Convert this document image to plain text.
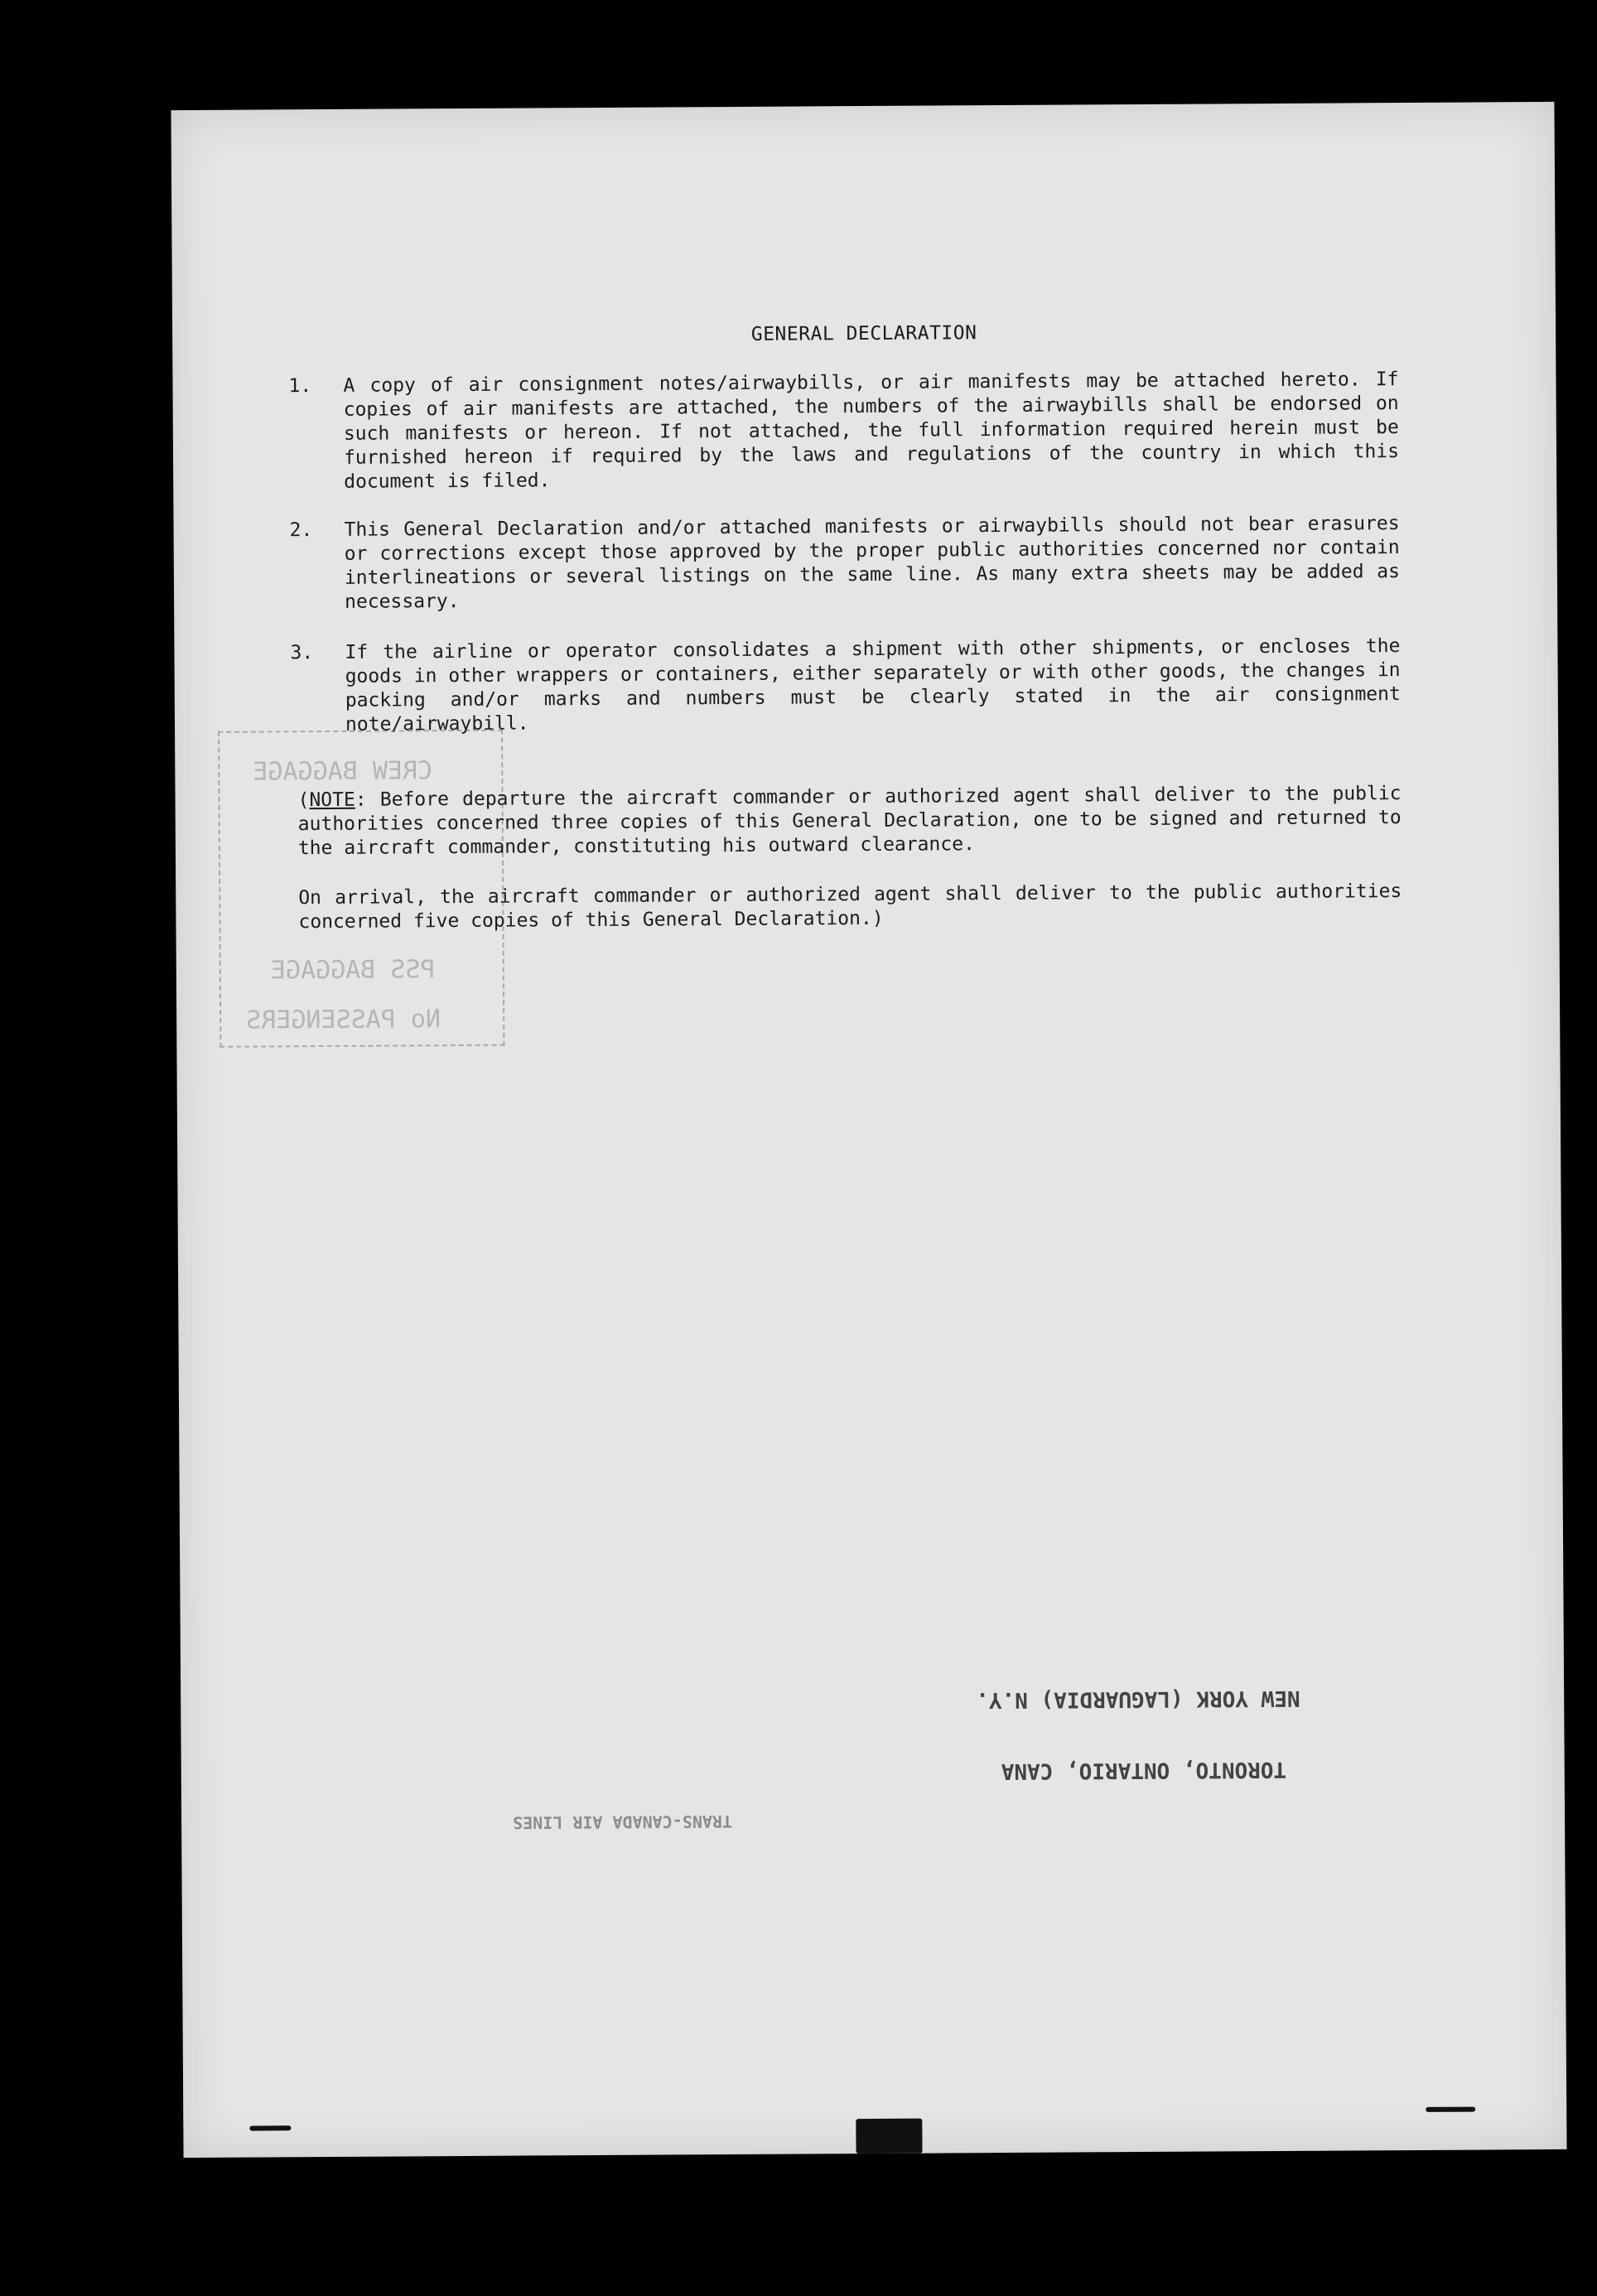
GENERAL DECLARATION
1. A copy of air consignment notes/airwaybills, or air manifests may be attached hereto. If copies of air manifests are attached, the numbers of the airwaybills shall be endorsed on such manifests or hereon. If not attached, the full information required herein must be furnished hereon if required by the laws and regulations of the country in which this document is filed.
2. This General Declaration and/or attached manifests or airwaybills should not bear erasures or corrections except those approved by the proper public authorities concerned nor contain interlineations or several listings on the same line. As many extra sheets may be added as necessary.
3. If the airline or operator consolidates a shipment with other shipments, or encloses the goods in other wrappers or containers, either separately or with other goods, the changes in packing and/or marks and numbers must be clearly stated in the air consignment note/airwaybill.
(NOTE: Before departure the aircraft commander or authorized agent shall deliver to the public authorities concerned three copies of this General Declaration, one to be signed and returned to the aircraft commander, constituting his outward clearance.
On arrival, the aircraft commander or authorized agent shall deliver to the public authorities concerned five copies of this General Declaration.)
CREW BAGGAGE
PSS BAGGAGE
No PASSENGERS
NEW YORK (LAGUARDIA) N.Y.
TORONTO, ONTARIO, CANA
TRANS-CANADA AIR LINES
